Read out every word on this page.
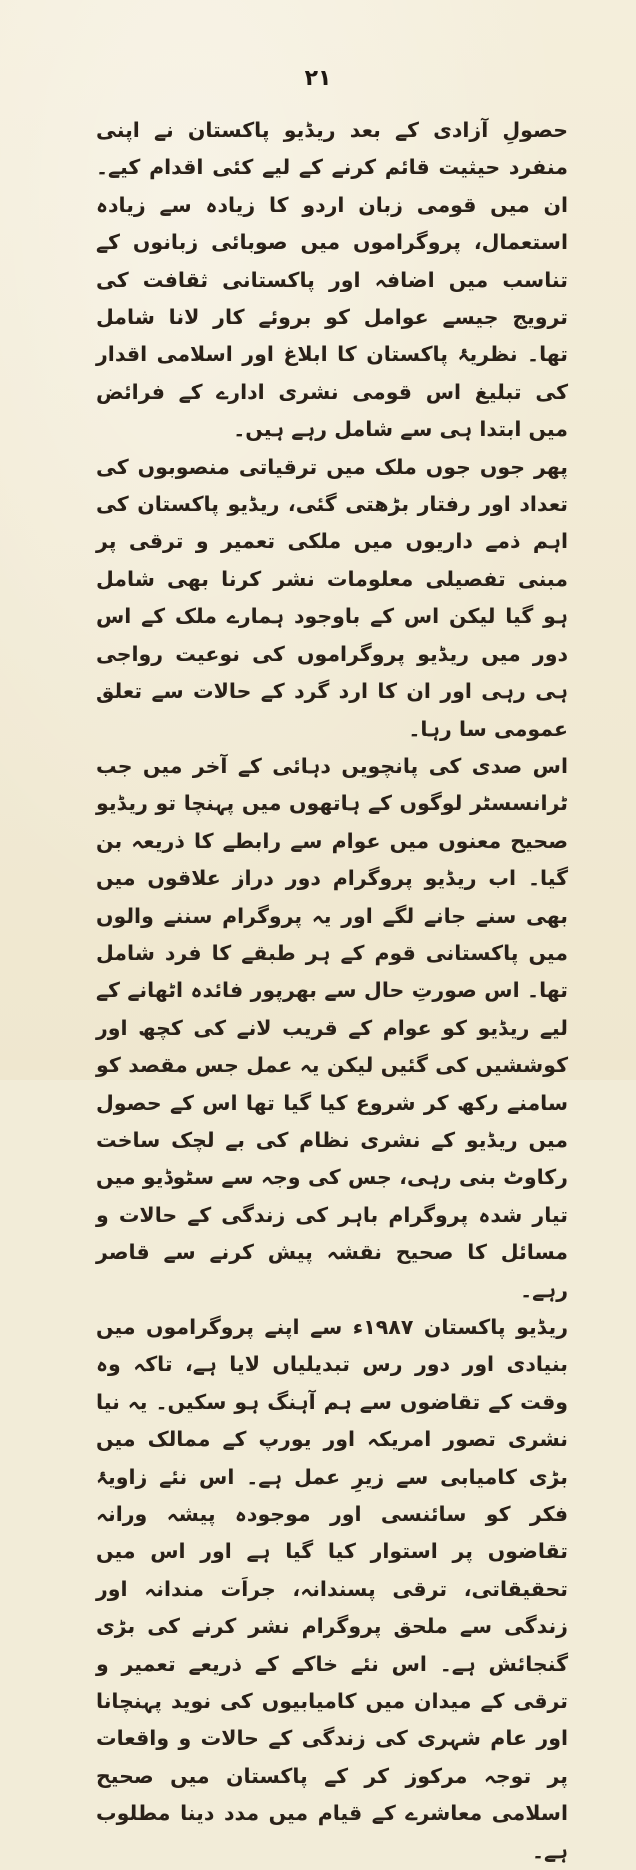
۲۱

حصولِ آزادی کے بعد ریڈیو پاکستان نے اپنی منفرد حیثیت قائم کرنے کے لیے کئی اقدام کیے۔ ان میں قومی زبان اردو کا زیادہ سے زیادہ استعمال، پروگراموں میں صوبائی زبانوں کے تناسب میں اضافہ اور پاکستانی ثقافت کی ترویج جیسے عوامل کو بروئے کار لانا شامل تھا۔ نظریۂ پاکستان کا ابلاغ اور اسلامی اقدار کی تبلیغ اس قومی نشری ادارے کے فرائض میں ابتدا ہی سے شامل رہے ہیں۔

پھر جوں جوں ملک میں ترقیاتی منصوبوں کی تعداد اور رفتار بڑھتی گئی، ریڈیو پاکستان کی اہم ذمے داریوں میں ملکی تعمیر و ترقی پر مبنی تفصیلی معلومات نشر کرنا بھی شامل ہو گیا لیکن اس کے باوجود ہمارے ملک کے اس دور میں ریڈیو پروگراموں کی نوعیت رواجی ہی رہی اور ان کا ارد گرد کے حالات سے تعلق عمومی سا رہا۔

اس صدی کی پانچویں دہائی کے آخر میں جب ٹرانسسٹر لوگوں کے ہاتھوں میں پہنچا تو ریڈیو صحیح معنوں میں عوام سے رابطے کا ذریعہ بن گیا۔ اب ریڈیو پروگرام دور دراز علاقوں میں بھی سنے جانے لگے اور یہ پروگرام سننے والوں میں پاکستانی قوم کے ہر طبقے کا فرد شامل تھا۔ اس صورتِ حال سے بھرپور فائدہ اٹھانے کے لیے ریڈیو کو عوام کے قریب لانے کی کچھ اور کوششیں کی گئیں لیکن یہ عمل جس مقصد کو سامنے رکھ کر شروع کیا گیا تھا اس کے حصول میں ریڈیو کے نشری نظام کی بے لچک ساخت رکاوٹ بنی رہی، جس کی وجہ سے سٹوڈیو میں تیار شدہ پروگرام باہر کی زندگی کے حالات و مسائل کا صحیح نقشہ پیش کرنے سے قاصر رہے۔

ریڈیو پاکستان ۱۹۸۷ء سے اپنے پروگراموں میں بنیادی اور دور رس تبدیلیاں لایا ہے، تاکہ وہ وقت کے تقاضوں سے ہم آہنگ ہو سکیں۔ یہ نیا نشری تصور امریکہ اور یورپ کے ممالک میں بڑی کامیابی سے زیرِ عمل ہے۔ اس نئے زاویۂ فکر کو سائنسی اور موجودہ پیشہ ورانہ تقاضوں پر استوار کیا گیا ہے اور اس میں تحقیقاتی، ترقی پسندانہ، جراَت مندانہ اور زندگی سے ملحق پروگرام نشر کرنے کی بڑی گنجائش ہے۔ اس نئے خاکے کے ذریعے تعمیر و ترقی کے میدان میں کامیابیوں کی نوید پہنچانا اور عام شہری کی زندگی کے حالات و واقعات پر توجہ مرکوز کر کے پاکستان میں صحیح اسلامی معاشرے کے قیام میں مدد دینا مطلوب ہے۔
